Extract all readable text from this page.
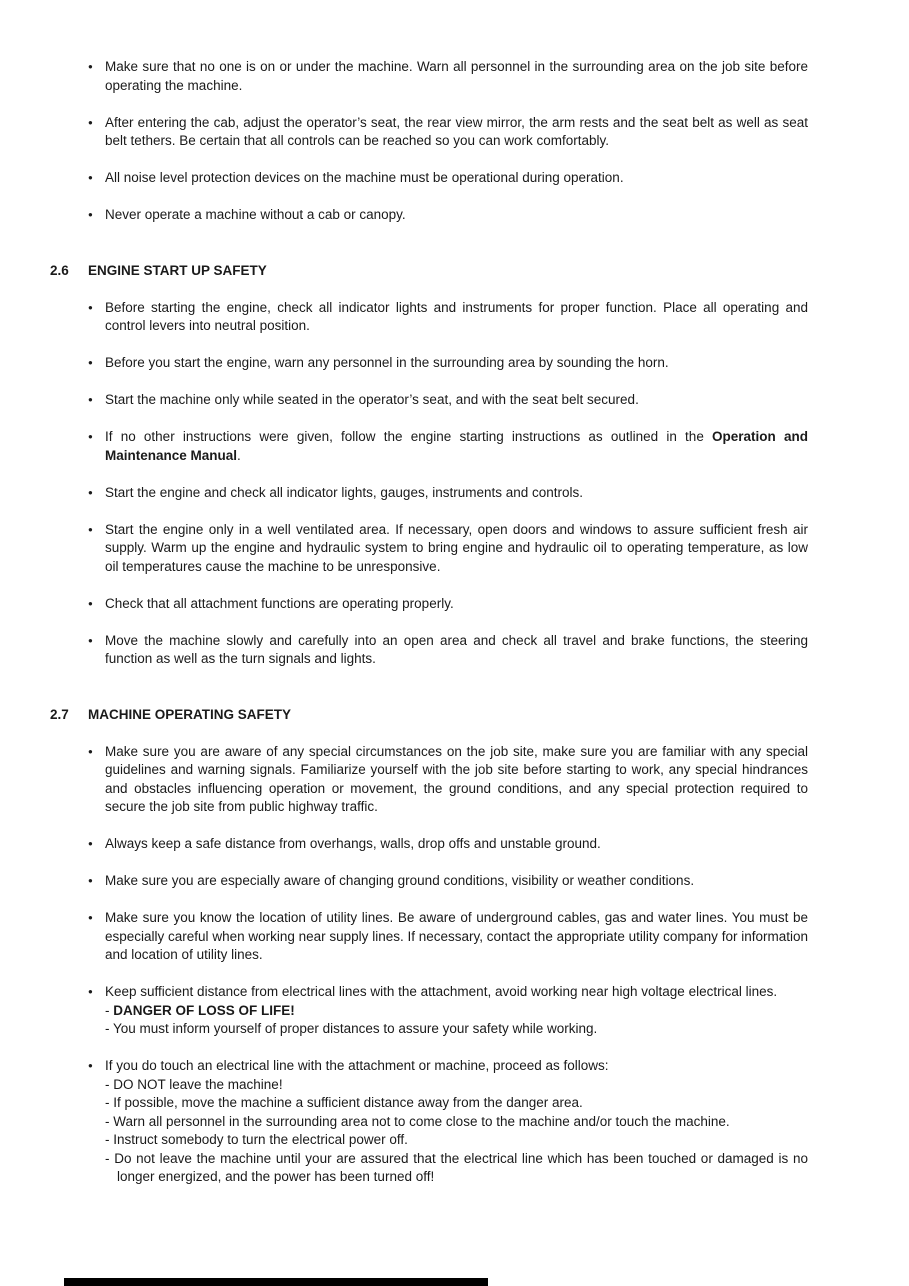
● Make sure that no one is on or under the machine. Warn all personnel in the surrounding area on the job site before operating the machine.
● After entering the cab, adjust the operator’s seat, the rear view mirror, the arm rests and the seat belt as well as seat belt tethers. Be certain that all controls can be reached so you can work comfortably.
● All noise level protection devices on the machine must be operational during operation.
● Never operate a machine without a cab or canopy.
2.6 ENGINE START UP SAFETY
● Before starting the engine, check all indicator lights and instruments for proper function. Place all operating and control levers into neutral position.
● Before you start the engine, warn any personnel in the surrounding area by sounding the horn.
● Start the machine only while seated in the operator’s seat, and with the seat belt secured.
● If no other instructions were given, follow the engine starting instructions as outlined in the Operation and Maintenance Manual.
● Start the engine and check all indicator lights, gauges, instruments and controls.
● Start the engine only in a well ventilated area. If necessary, open doors and windows to assure sufficient fresh air supply. Warm up the engine and hydraulic system to bring engine and hydraulic oil to operating temperature, as low oil temperatures cause the machine to be unresponsive.
● Check that all attachment functions are operating properly.
● Move the machine slowly and carefully into an open area and check all travel and brake functions, the steering function as well as the turn signals and lights.
2.7 MACHINE OPERATING SAFETY
● Make sure you are aware of any special circumstances on the job site, make sure you are familiar with any special guidelines and warning signals. Familiarize yourself with the job site before starting to work, any special hindrances and obstacles influencing operation or movement, the ground conditions, and any special protection required to secure the job site from public highway traffic.
● Always keep a safe distance from overhangs, walls, drop offs and unstable ground.
● Make sure you are especially aware of changing ground conditions, visibility or weather conditions.
● Make sure you know the location of utility lines. Be aware of underground cables, gas and water lines. You must be especially careful when working near supply lines. If necessary, contact the appropriate utility company for information and location of utility lines.
● Keep sufficient distance from electrical lines with the attachment, avoid working near high voltage electrical lines.
- DANGER OF LOSS OF LIFE!
- You must inform yourself of proper distances to assure your safety while working.
● If you do touch an electrical line with the attachment or machine, proceed as follows:
- DO NOT leave the machine!
- If possible, move the machine a sufficient distance away from the danger area.
- Warn all personnel in the surrounding area not to come close to the machine and/or touch the machine.
- Instruct somebody to turn the electrical power off.
- Do not leave the machine until your are assured that the electrical line which has been touched or damaged is no longer energized, and the power has been turned off!
